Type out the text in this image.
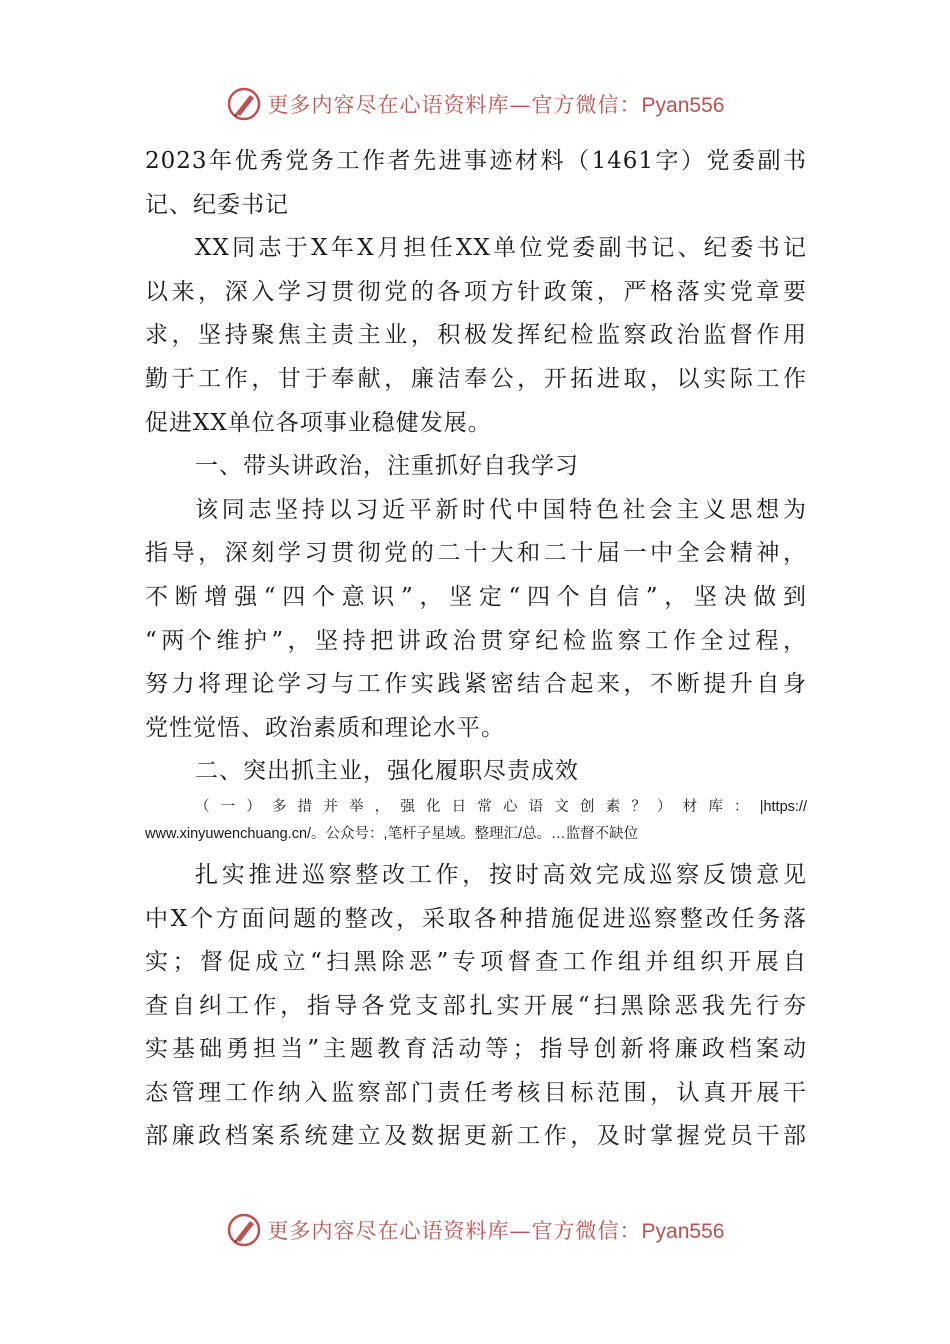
更多内容尽在心语资料库—官方微信：Pyan556
2023年优秀党务工作者先进事迹材料（1461字）党委副书
记、纪委书记
XX同志于X年X月担任XX单位党委副书记、纪委书记
以来，深入学习贯彻党的各项方针政策，严格落实党章要
求，坚持聚焦主责主业，积极发挥纪检监察政治监督作用
勤于工作，甘于奉献，廉洁奉公，开拓进取，以实际工作
促进XX单位各项事业稳健发展。
一、带头讲政治，注重抓好自我学习
该同志坚持以习近平新时代中国特色社会主义思想为
指导，深刻学习贯彻党的二十大和二十届一中全会精神，
不断增强“四个意识”，坚定“四个自信”，坚决做到
“两个维护”，坚持把讲政治贯穿纪检监察工作全过程，
努力将理论学习与工作实践紧密结合起来，不断提升自身
党性觉悟、政治素质和理论水平。
二、突出抓主业，强化履职尽责成效
（一）多措并举，强化日常心语文创素？）材库：|https://
www.xinyuwenchuang.cn/。公众号：,笔杆子星域。整理汇/总。…监督不缺位
扎实推进巡察整改工作，按时高效完成巡察反馈意见
中X个方面问题的整改，采取各种措施促进巡察整改任务落
实；督促成立“扫黑除恶”专项督查工作组并组织开展自
查自纠工作，指导各党支部扎实开展“扫黑除恶我先行夯
实基础勇担当”主题教育活动等；指导创新将廉政档案动
态管理工作纳入监察部门责任考核目标范围，认真开展干
部廉政档案系统建立及数据更新工作，及时掌握党员干部
更多内容尽在心语资料库—官方微信：Pyan556
